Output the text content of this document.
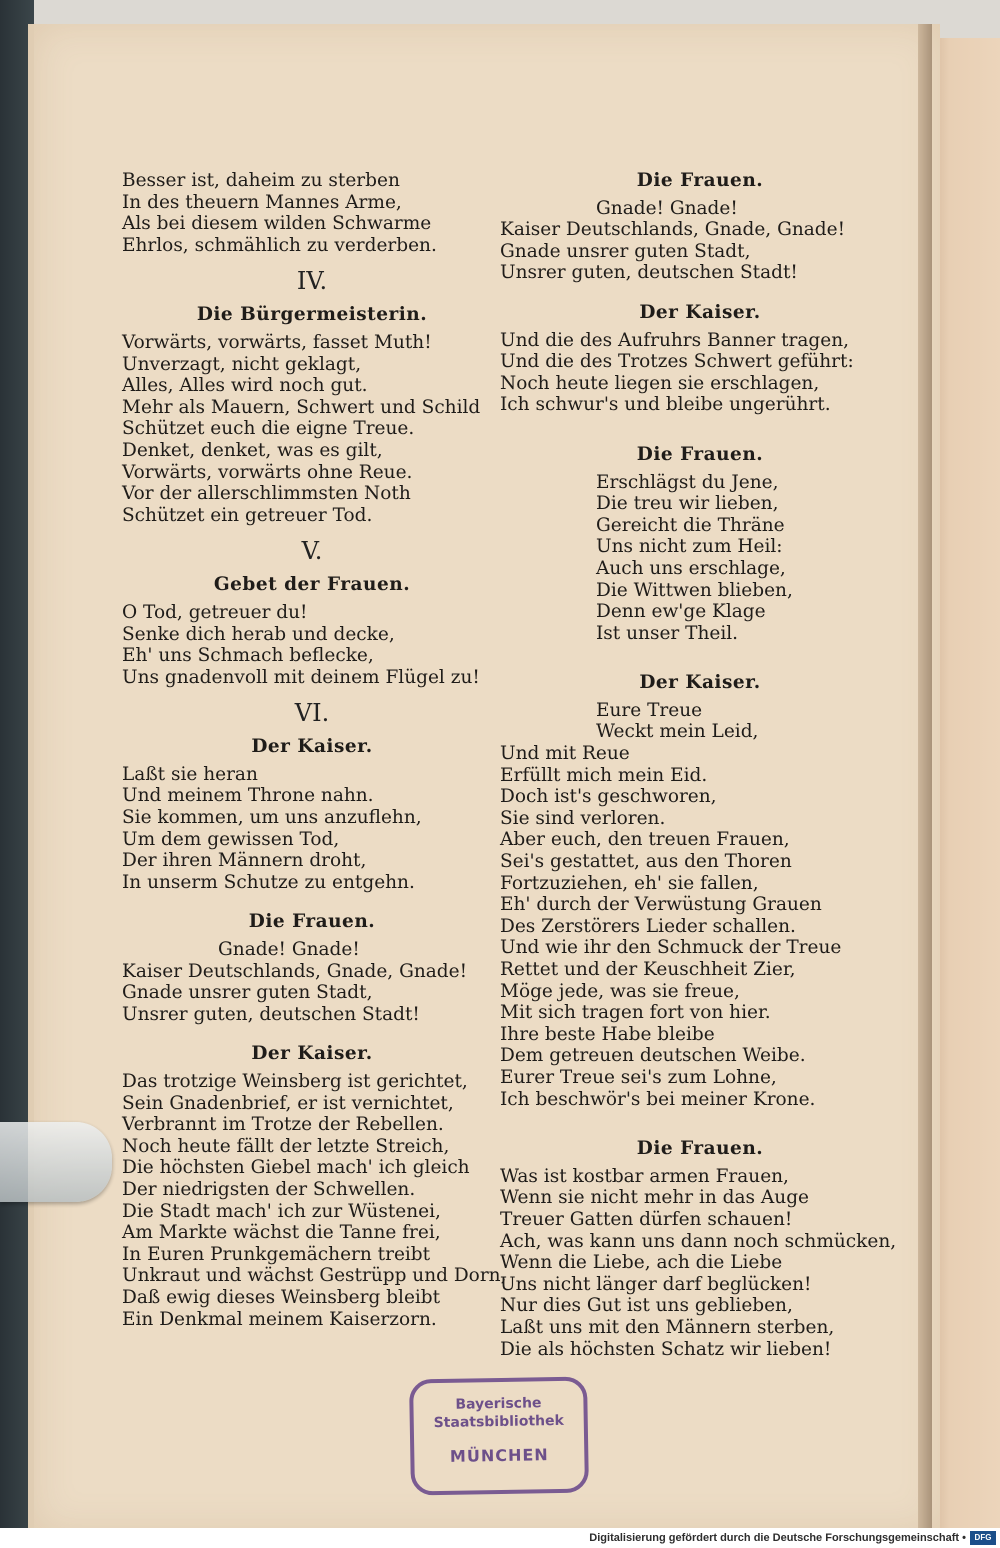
Besser ist, daheim zu sterben
In des theuern Mannes Arme,
Als bei diesem wilden Schwarme
Ehrlos, schmählich zu verderben.
IV.
Die Bürgermeisterin.
Vorwärts, vorwärts, fasset Muth!
Unverzagt, nicht geklagt,
Alles, Alles wird noch gut.
Mehr als Mauern, Schwert und Schild
Schützet euch die eigne Treue.
Denket, denket, was es gilt,
Vorwärts, vorwärts ohne Reue.
Vor der allerschlimmsten Noth
Schützet ein getreuer Tod.
V.
Gebet der Frauen.
O Tod, getreuer du!
Senke dich herab und decke,
Eh' uns Schmach beflecke,
Uns gnadenvoll mit deinem Flügel zu!
VI.
Der Kaiser.
Laßt sie heran
Und meinem Throne nahn.
Sie kommen, um uns anzuflehn,
Um dem gewissen Tod,
Der ihren Männern droht,
In unserm Schutze zu entgehn.
Die Frauen.
Gnade! Gnade!
Kaiser Deutschlands, Gnade, Gnade!
Gnade unsrer guten Stadt,
Unsrer guten, deutschen Stadt!
Der Kaiser.
Das trotzige Weinsberg ist gerichtet,
Sein Gnadenbrief, er ist vernichtet,
Verbrannt im Trotze der Rebellen.
Noch heute fällt der letzte Streich,
Die höchsten Giebel mach' ich gleich
Der niedrigsten der Schwellen.
Die Stadt mach' ich zur Wüstenei,
Am Markte wächst die Tanne frei,
In Euren Prunkgemächern treibt
Unkraut und wächst Gestrüpp und Dorn,
Daß ewig dieses Weinsberg bleibt
Ein Denkmal meinem Kaiserzorn.
Die Frauen.
Gnade! Gnade!
Kaiser Deutschlands, Gnade, Gnade!
Gnade unsrer guten Stadt,
Unsrer guten, deutschen Stadt!
Der Kaiser.
Und die des Aufruhrs Banner tragen,
Und die des Trotzes Schwert geführt:
Noch heute liegen sie erschlagen,
Ich schwur's und bleibe ungerührt.
Die Frauen.
Erschlägst du Jene,
Die treu wir lieben,
Gereicht die Thräne
Uns nicht zum Heil:
Auch uns erschlage,
Die Wittwen blieben,
Denn ew'ge Klage
Ist unser Theil.
Der Kaiser.
Eure Treue
Weckt mein Leid,
Und mit Reue
Erfüllt mich mein Eid.
Doch ist's geschworen,
Sie sind verloren.
Aber euch, den treuen Frauen,
Sei's gestattet, aus den Thoren
Fortzuziehen, eh' sie fallen,
Eh' durch der Verwüstung Grauen
Des Zerstörers Lieder schallen.
Und wie ihr den Schmuck der Treue
Rettet und der Keuschheit Zier,
Möge jede, was sie freue,
Mit sich tragen fort von hier.
Ihre beste Habe bleibe
Dem getreuen deutschen Weibe.
Eurer Treue sei's zum Lohne,
Ich beschwör's bei meiner Krone.
Die Frauen.
Was ist kostbar armen Frauen,
Wenn sie nicht mehr in das Auge
Treuer Gatten dürfen schauen!
Ach, was kann uns dann noch schmücken,
Wenn die Liebe, ach die Liebe
Uns nicht länger darf beglücken!
Nur dies Gut ist uns geblieben,
Laßt uns mit den Männern sterben,
Die als höchsten Schatz wir lieben!
Bayerische
Staatsbibliothek
MÜNCHEN
Digitalisierung gefördert durch die Deutsche Forschungsgemeinschaft •	DFG
